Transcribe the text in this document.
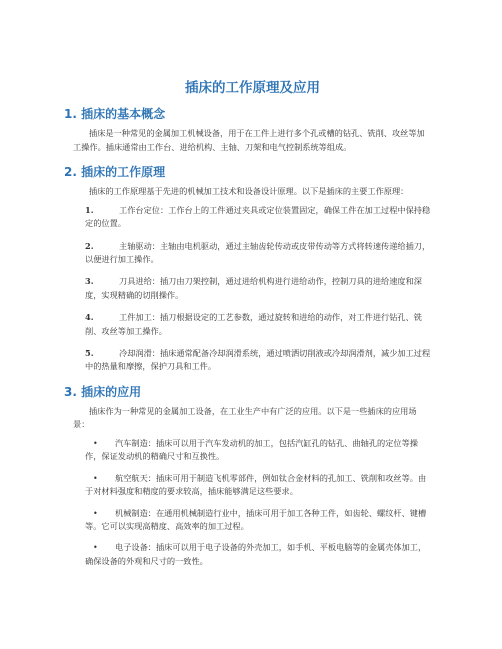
插床的工作原理及应用
1. 插床的基本概念

插床是一种常见的金属加工机械设备，用于在工件上进行多个孔或槽的钻孔、铣削、攻丝等加工操作。插床通常由工作台、进给机构、主轴、刀架和电气控制系统等组成。

2. 插床的工作原理

插床的工作原理基于先进的机械加工技术和设备设计原理。以下是插床的主要工作原理：

1.	工作台定位：工作台上的工件通过夹具或定位装置固定，确保工件在加工过程中保持稳定的位置。
2.	主轴驱动：主轴由电机驱动，通过主轴齿轮传动或皮带传动等方式将转速传递给插刀，以便进行加工操作。
3.	刀具进给：插刀由刀架控制，通过进给机构进行进给动作，控制刀具的进给速度和深度，实现精确的切削操作。
4.	工件加工：插刀根据设定的工艺参数，通过旋转和进给的动作，对工件进行钻孔、铣削、攻丝等加工操作。
5.	冷却润滑：插床通常配备冷却润滑系统，通过喷洒切削液或冷却润滑剂，减少加工过程中的热量和摩擦，保护刀具和工件。
3. 插床的应用

插床作为一种常见的金属加工设备，在工业生产中有广泛的应用。以下是一些插床的应用场景：

•	汽车制造：插床可以用于汽车发动机的加工，包括汽缸孔的钻孔、曲轴孔的定位等操作，保证发动机的精确尺寸和互换性。
•	航空航天：插床可用于制造飞机零部件，例如钛合金材料的孔加工、铣削和攻丝等。由于对材料强度和精度的要求较高，插床能够满足这些要求。
•	机械制造：在通用机械制造行业中，插床可用于加工各种工件，如齿轮、螺纹杆、键槽等。它可以实现高精度、高效率的加工过程。
•	电子设备：插床可以用于电子设备的外壳加工，如手机、平板电脑等的金属壳体加工，确保设备的外观和尺寸的一致性。
